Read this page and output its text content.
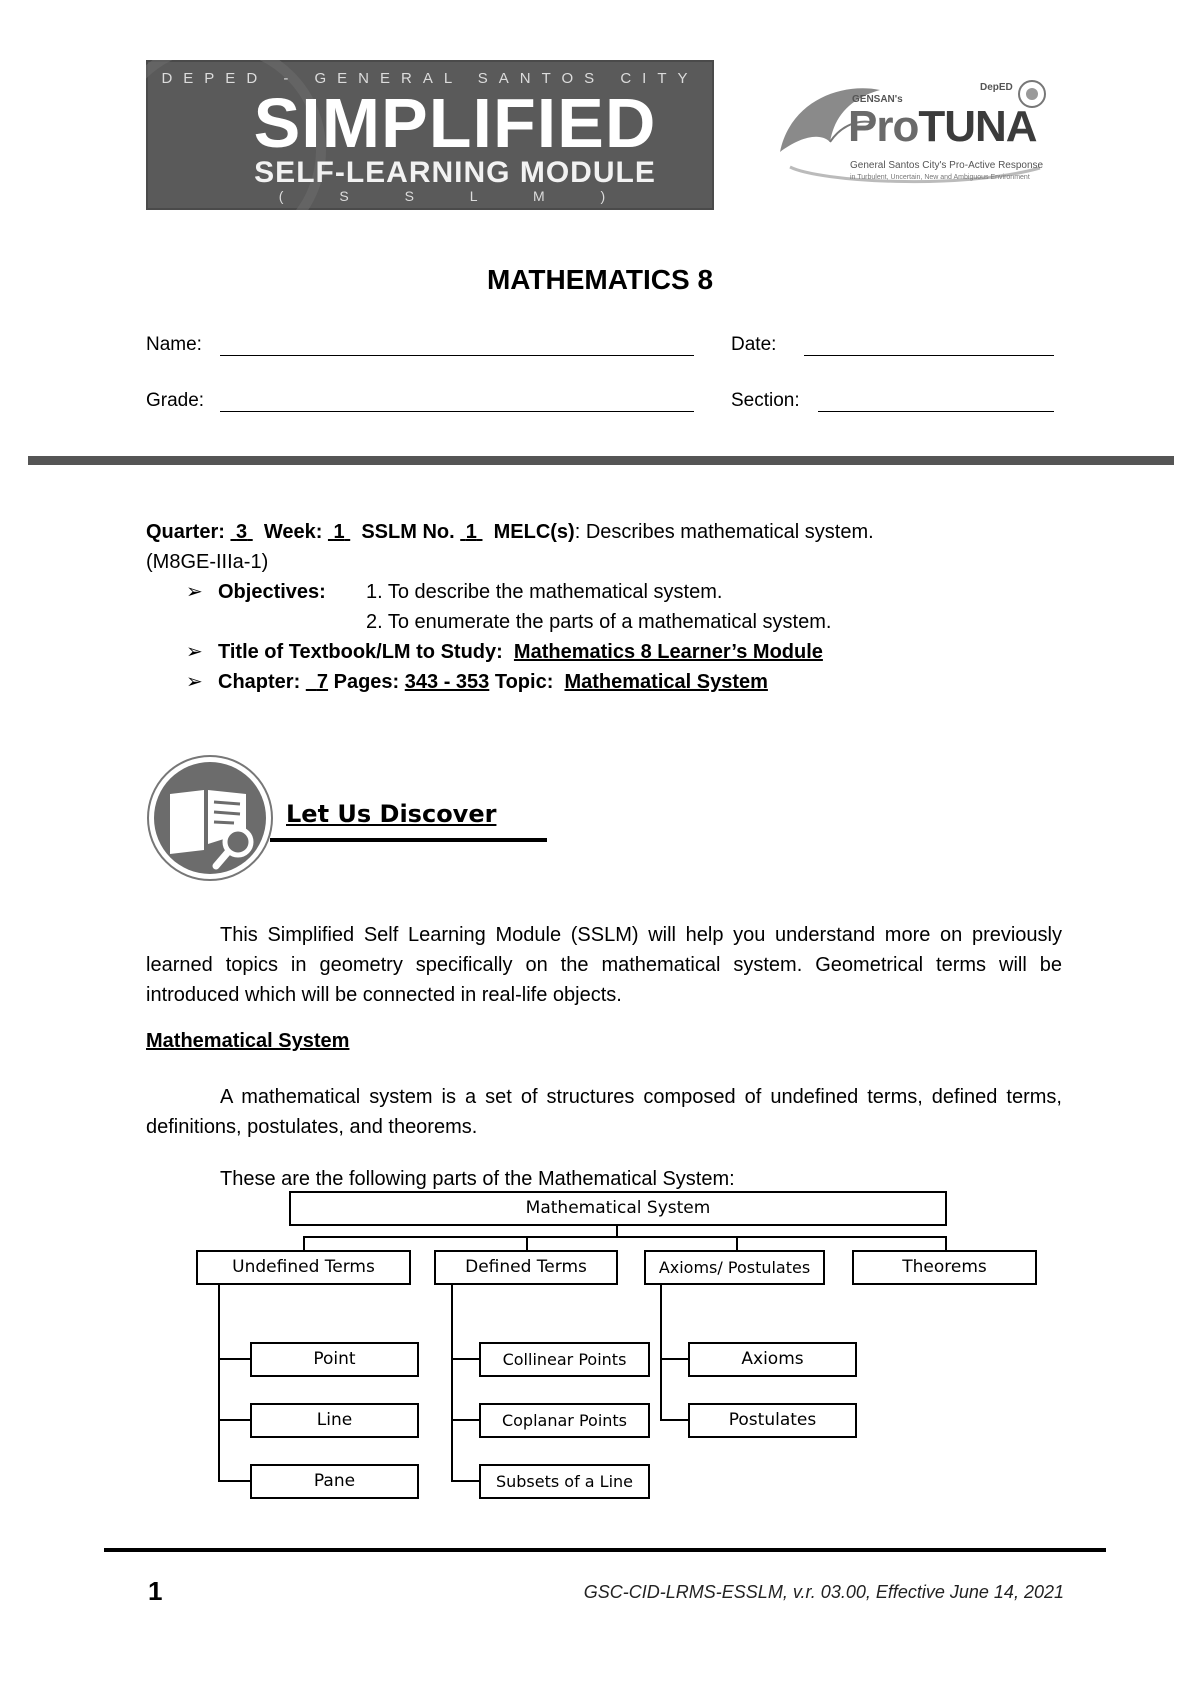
DEPED - GENERAL SANTOS CITY
SIMPLIFIED
SELF-LEARNING MODULE
( S S L M )
GENSAN's
DepED
ProTUNA
General Santos City's Pro-Active Response
in Turbulent, Uncertain, New and Ambiguous Environment
MATHEMATICS 8
Name:	Date:
Grade:	Section:
Quarter: 3 Week: 1 SSLM No. 1 MELC(s): Describes mathematical system.
(M8GE-IIIa-1)
➢ Objectives: 1. To describe the mathematical system.
2. To enumerate the parts of a mathematical system.
➢ Title of Textbook/LM to Study: Mathematics 8 Learner’s Module
➢ Chapter: 7 Pages: 343 - 353 Topic: Mathematical System
Let Us Discover
This Simplified Self Learning Module (SSLM) will help you understand more on previously learned topics in geometry specifically on the mathematical system. Geometrical terms will be introduced which will be connected in real-life objects.
Mathematical System
A mathematical system is a set of structures composed of undefined terms, defined terms, definitions, postulates, and theorems.
These are the following parts of the Mathematical System:
Mathematical System
Undefined Terms	Defined Terms	Axioms/ Postulates	Theorems
Point
Line
Pane
Collinear Points
Coplanar Points
Subsets of a Line
Axioms
Postulates
1	GSC-CID-LRMS-ESSLM, v.r. 03.00, Effective June 14, 2021
